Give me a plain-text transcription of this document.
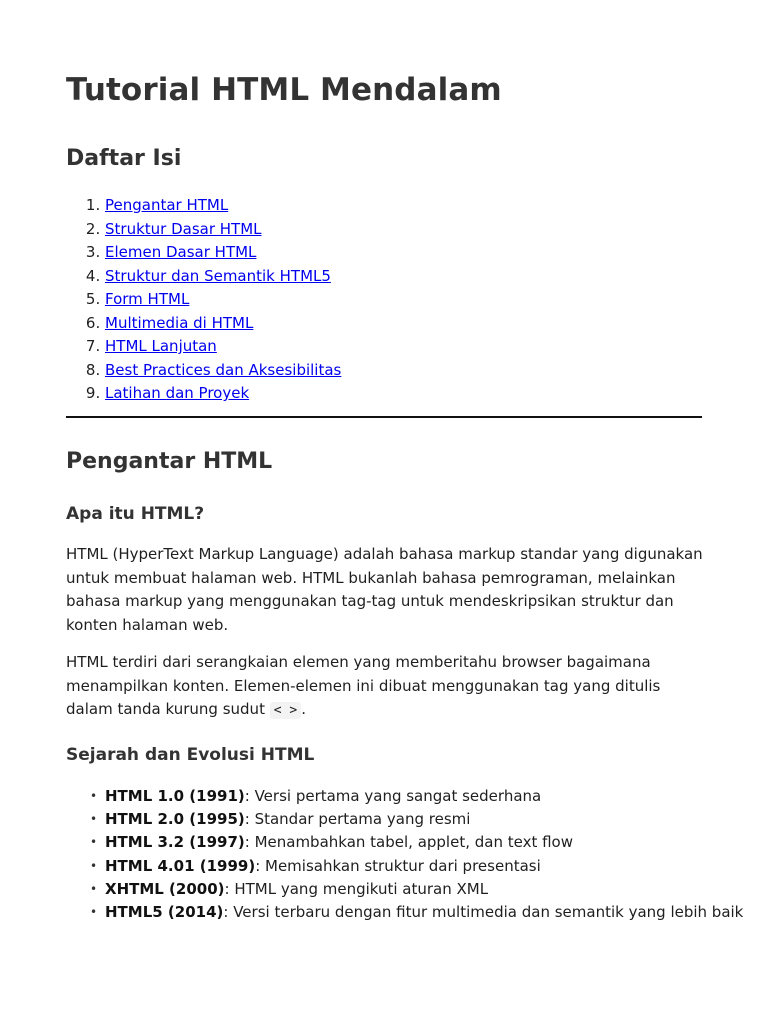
Tutorial HTML Mendalam
Daftar Isi
1. Pengantar HTML
2. Struktur Dasar HTML
3. Elemen Dasar HTML
4. Struktur dan Semantik HTML5
5. Form HTML
6. Multimedia di HTML
7. HTML Lanjutan
8. Best Practices dan Aksesibilitas
9. Latihan dan Proyek
Pengantar HTML
Apa itu HTML?

HTML (HyperText Markup Language) adalah bahasa markup standar yang digunakan untuk membuat halaman web. HTML bukanlah bahasa pemrograman, melainkan bahasa markup yang menggunakan tag-tag untuk mendeskripsikan struktur dan konten halaman web.

HTML terdiri dari serangkaian elemen yang memberitahu browser bagaimana menampilkan konten. Elemen-elemen ini dibuat menggunakan tag yang ditulis dalam tanda kurung sudut < > .

Sejarah dan Evolusi HTML
• HTML 1.0 (1991): Versi pertama yang sangat sederhana
• HTML 2.0 (1995): Standar pertama yang resmi
• HTML 3.2 (1997): Menambahkan tabel, applet, dan text flow
• HTML 4.01 (1999): Memisahkan struktur dari presentasi
• XHTML (2000): HTML yang mengikuti aturan XML
• HTML5 (2014): Versi terbaru dengan fitur multimedia dan semantik yang lebih baik
